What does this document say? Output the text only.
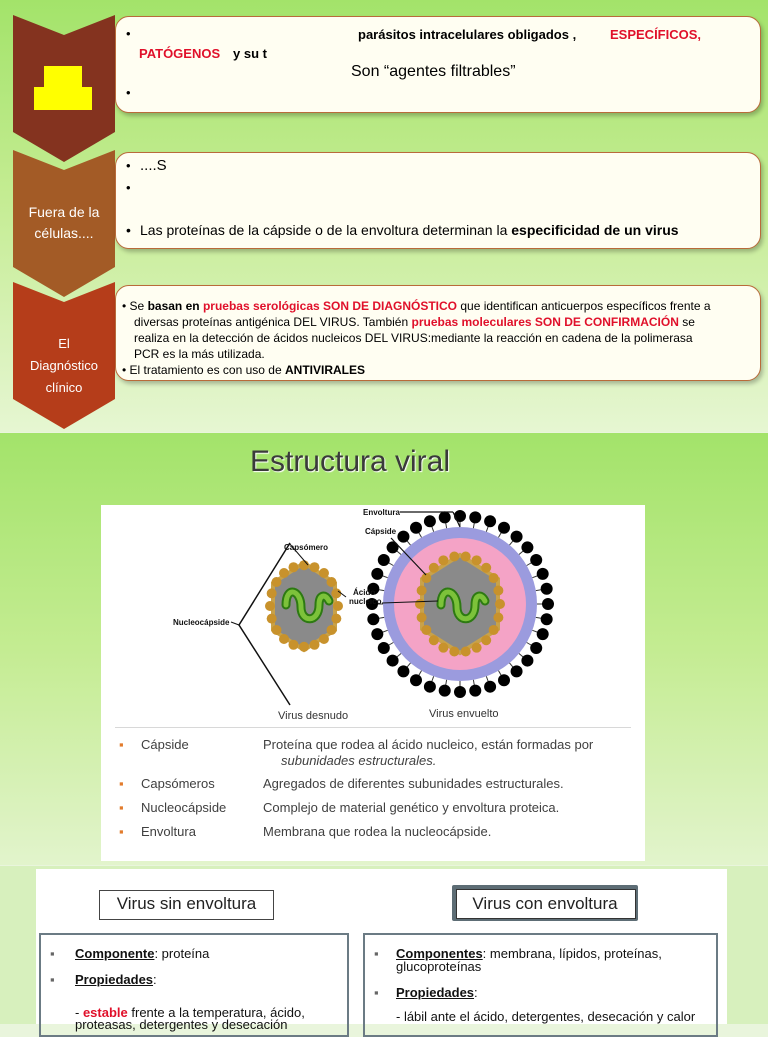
•	parásitos intracelulares obligados ,	ESPECÍFICOS,
PATÓGENOS y su t
Son “agentes filtrables”
•
Fuera de la células....
• ....S
•
• Las proteínas de la cápside o de la envoltura determinan la especificidad de un virus
El
Diagnóstico
clínico
• Se basan en pruebas serológicas SON DE DIAGNÓSTICO que identifican anticuerpos específicos frente a
diversas proteínas antigénica DEL VIRUS. También pruebas moleculares SON DE CONFIRMACIÓN se
realiza en la detección de ácidos nucleicos DEL VIRUS:mediante la reacción en cadena de la polimerasa
PCR es la más utilizada.
• El tratamiento es con uso de ANTIVIRALES
Estructura viral
Envoltura
Cápside
Capsómero
Ácido nucleico
Nucleocápside
Virus desnudo	Virus envuelto
▪ Cápside	Proteína que rodea al ácido nucleico, están formadas por
subunidades estructurales.
▪ Capsómeros	Agregados de diferentes subunidades estructurales.
▪ Nucleocápside	Complejo de material genético y envoltura proteica.
▪ Envoltura	Membrana que rodea la nucleocápside.
Virus sin envoltura	Virus con envoltura
▪ Componente: proteína
▪ Propiedades:
- estable frente a la temperatura, ácido,
proteasas, detergentes y desecación
▪ Componentes: membrana, lípidos, proteínas,
glucoproteínas
▪ Propiedades:
- lábil ante el ácido, detergentes, desecación y calor
